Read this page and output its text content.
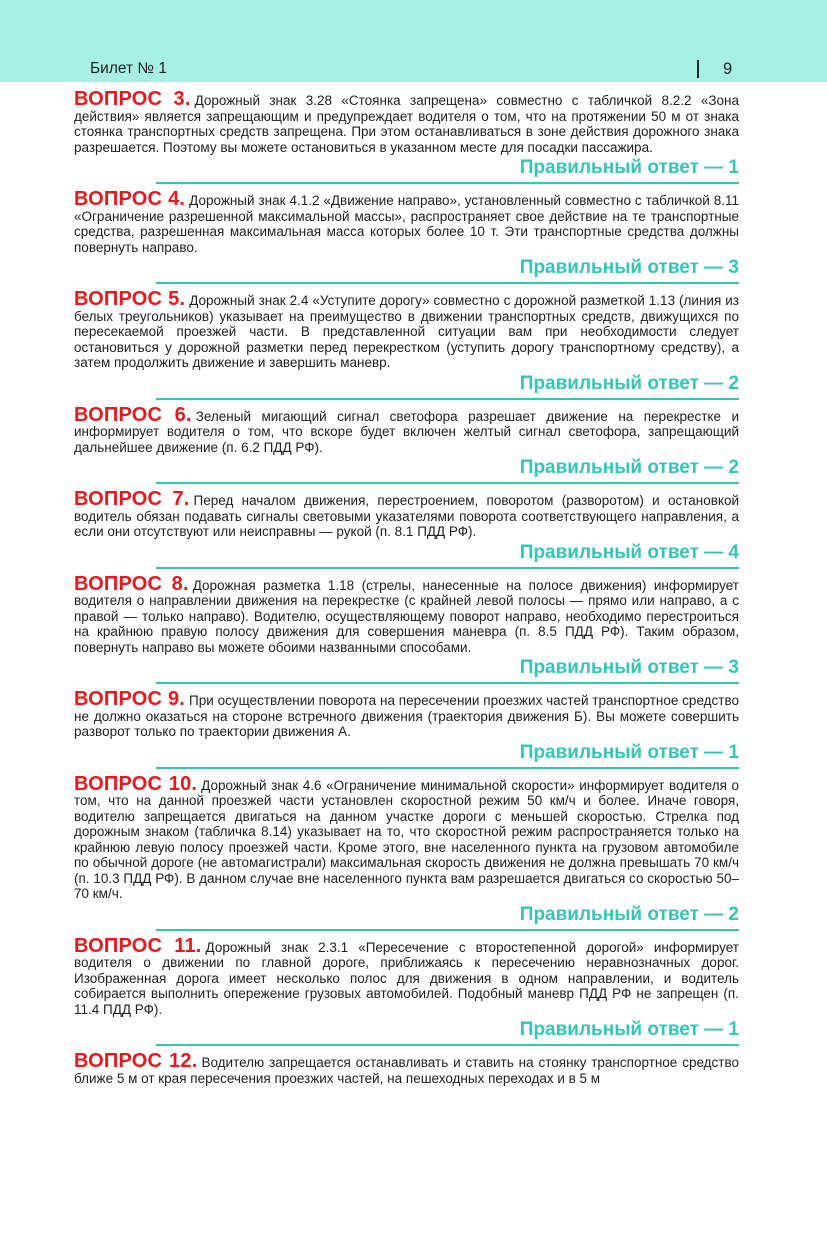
Билет № 1	9

ВОПРОС 3. Дорожный знак 3.28 «Стоянка запрещена» совместно с табличкой 8.2.2 «Зона действия» является запрещающим и предупреждает водителя о том, что на протяжении 50 м от знака стоянка транспортных средств запрещена. При этом останавливаться в зоне действия дорожного знака разрешается. Поэтому вы можете остановиться в указанном месте для посадки пассажира.

Правильный ответ — 1

ВОПРОС 4. Дорожный знак 4.1.2 «Движение направо», установленный совместно с табличкой 8.11 «Ограничение разрешенной максимальной массы», распространяет свое действие на те транспортные средства, разрешенная максимальная масса которых более 10 т. Эти транспортные средства должны повернуть направо.

Правильный ответ — 3

ВОПРОС 5. Дорожный знак 2.4 «Уступите дорогу» совместно с дорожной разметкой 1.13 (линия из белых треугольников) указывает на преимущество в движении транспортных средств, движущихся по пересекаемой проезжей части. В представленной ситуации вам при необходимости следует остановиться у дорожной разметки перед перекрестком (уступить дорогу транспортному средству), а затем продолжить движение и завершить маневр.

Правильный ответ — 2

ВОПРОС 6. Зеленый мигающий сигнал светофора разрешает движение на перекрестке и информирует водителя о том, что вскоре будет включен желтый сигнал светофора, запрещающий дальнейшее движение (п. 6.2 ПДД РФ).

Правильный ответ — 2

ВОПРОС 7. Перед началом движения, перестроением, поворотом (разворотом) и остановкой водитель обязан подавать сигналы световыми указателями поворота соответствующего направления, а если они отсутствуют или неисправны — рукой (п. 8.1 ПДД РФ).

Правильный ответ — 4

ВОПРОС 8. Дорожная разметка 1.18 (стрелы, нанесенные на полосе движения) информирует водителя о направлении движения на перекрестке (с крайней левой полосы — прямо или направо, а с правой — только направо). Водителю, осуществляющему поворот направо, необходимо перестроиться на крайнюю правую полосу движения для совершения маневра (п. 8.5 ПДД РФ). Таким образом, повернуть направо вы можете обоими названными способами.

Правильный ответ — 3

ВОПРОС 9. При осуществлении поворота на пересечении проезжих частей транспортное средство не должно оказаться на стороне встречного движения (траектория движения Б). Вы можете совершить разворот только по траектории движения А.

Правильный ответ — 1

ВОПРОС 10. Дорожный знак 4.6 «Ограничение минимальной скорости» информирует водителя о том, что на данной проезжей части установлен скоростной режим 50 км/ч и более. Иначе говоря, водителю запрещается двигаться на данном участке дороги с меньшей скоростью. Стрелка под дорожным знаком (табличка 8.14) указывает на то, что скоростной режим распространяется только на крайнюю левую полосу проезжей части. Кроме этого, вне населенного пункта на грузовом автомобиле по обычной дороге (не автомагистрали) максимальная скорость движения не должна превышать 70 км/ч (п. 10.3 ПДД РФ). В данном случае вне населенного пункта вам разрешается двигаться со скоростью 50–70 км/ч.

Правильный ответ — 2

ВОПРОС 11. Дорожный знак 2.3.1 «Пересечение с второстепенной дорогой» информирует водителя о движении по главной дороге, приближаясь к пересечению неравнозначных дорог. Изображенная дорога имеет несколько полос для движения в одном направлении, и водитель собирается выполнить опережение грузовых автомобилей. Подобный маневр ПДД РФ не запрещен (п. 11.4 ПДД РФ).

Правильный ответ — 1

ВОПРОС 12. Водителю запрещается останавливать и ставить на стоянку транспортное средство ближе 5 м от края пересечения проезжих частей, на пешеходных переходах и в 5 м
